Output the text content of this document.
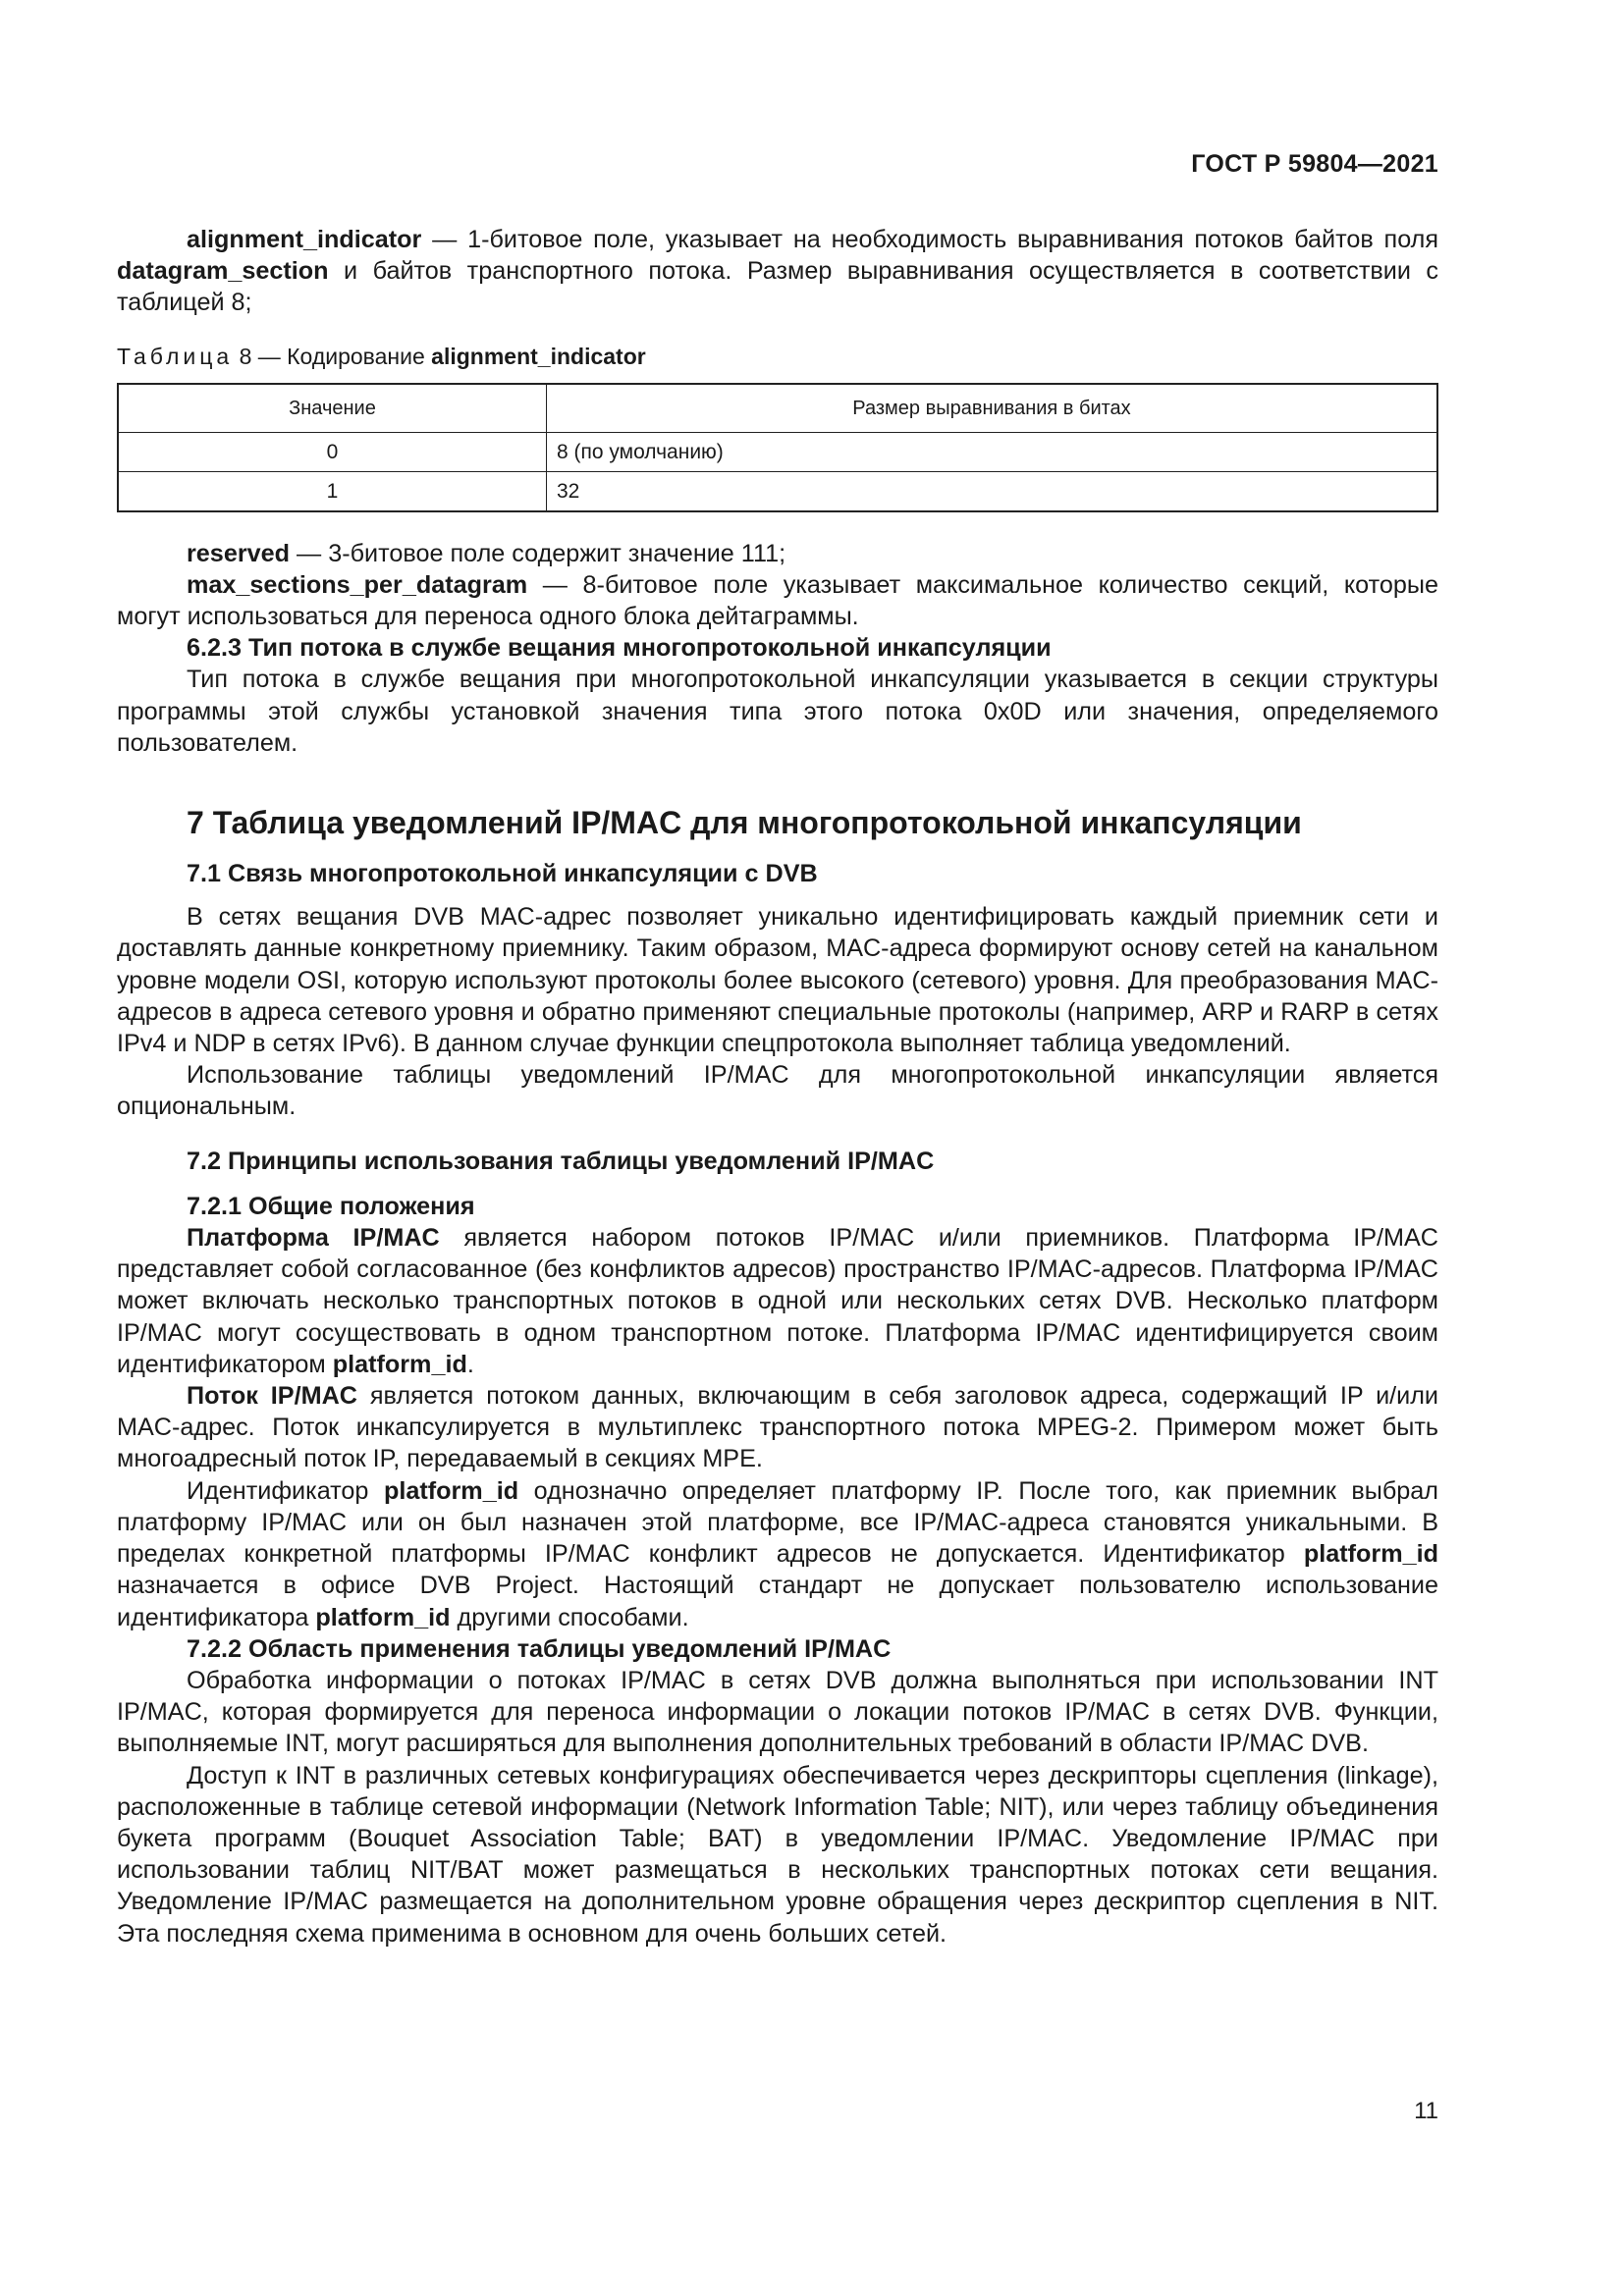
ГОСТ Р 59804—2021

alignment_indicator — 1-битовое поле, указывает на необходимость выравнивания потоков байтов поля datagram_section и байтов транспортного потока. Размер выравнивания осуществляется в соответствии с таблицей 8;

Таблица 8 — Кодирование alignment_indicator

Значение	Размер выравнивания в битах
0	8 (по умолчанию)
1	32

reserved — 3-битовое поле содержит значение 111;

max_sections_per_datagram — 8-битовое поле указывает максимальное количество секций, которые могут использоваться для переноса одного блока дейтаграммы.

6.2.3 Тип потока в службе вещания многопротокольной инкапсуляции

Тип потока в службе вещания при многопротокольной инкапсуляции указывается в секции структуры программы этой службы установкой значения типа этого потока 0x0D или значения, определяемого пользователем.

7 Таблица уведомлений IP/MAC для многопротокольной инкапсуляции
7.1 Связь многопротокольной инкапсуляции с DVB

В сетях вещания DVB MAC-адрес позволяет уникально идентифицировать каждый приемник сети и доставлять данные конкретному приемнику. Таким образом, MAC-адреса формируют основу сетей на канальном уровне модели OSI, которую используют протоколы более высокого (сетевого) уровня. Для преобразования MAC-адресов в адреса сетевого уровня и обратно применяют специальные протоколы (например, ARP и RARP в сетях IPv4 и NDP в сетях IPv6). В данном случае функции спецпротокола выполняет таблица уведомлений.

Использование таблицы уведомлений IP/MAC для многопротокольной инкапсуляции является опциональным.

7.2 Принципы использования таблицы уведомлений IP/MAC
7.2.1 Общие положения

Платформа IP/MAC является набором потоков IP/MAC и/или приемников. Платформа IP/MAC представляет собой согласованное (без конфликтов адресов) пространство IP/MAC-адресов. Платформа IP/MAC может включать несколько транспортных потоков в одной или нескольких сетях DVB. Несколько платформ IP/MAC могут сосуществовать в одном транспортном потоке. Платформа IP/MAC идентифицируется своим идентификатором platform_id.

Поток IP/MAC является потоком данных, включающим в себя заголовок адреса, содержащий IP и/или MAC-адрес. Поток инкапсулируется в мультиплекс транспортного потока MPEG-2. Примером может быть многоадресный поток IP, передаваемый в секциях MPE.

Идентификатор platform_id однозначно определяет платформу IP. После того, как приемник выбрал платформу IP/MAC или он был назначен этой платформе, все IP/MAC-адреса становятся уникальными. В пределах конкретной платформы IP/MAC конфликт адресов не допускается. Идентификатор platform_id назначается в офисе DVB Project. Настоящий стандарт не допускает пользователю использование идентификатора platform_id другими способами.

7.2.2 Область применения таблицы уведомлений IP/MAC

Обработка информации о потоках IP/MAC в сетях DVB должна выполняться при использовании INT IP/MAC, которая формируется для переноса информации о локации потоков IP/MAC в сетях DVB. Функции, выполняемые INT, могут расширяться для выполнения дополнительных требований в области IP/MAC DVB.

Доступ к INT в различных сетевых конфигурациях обеспечивается через дескрипторы сцепления (linkage), расположенные в таблице сетевой информации (Network Information Table; NIT), или через таблицу объединения букета программ (Bouquet Association Table; BAT) в уведомлении IP/MAC. Уведомление IP/MAC при использовании таблиц NIT/BAT может размещаться в нескольких транспортных потоках сети вещания. Уведомление IP/MAC размещается на дополнительном уровне обращения через дескриптор сцепления в NIT. Эта последняя схема применима в основном для очень больших сетей.

11
